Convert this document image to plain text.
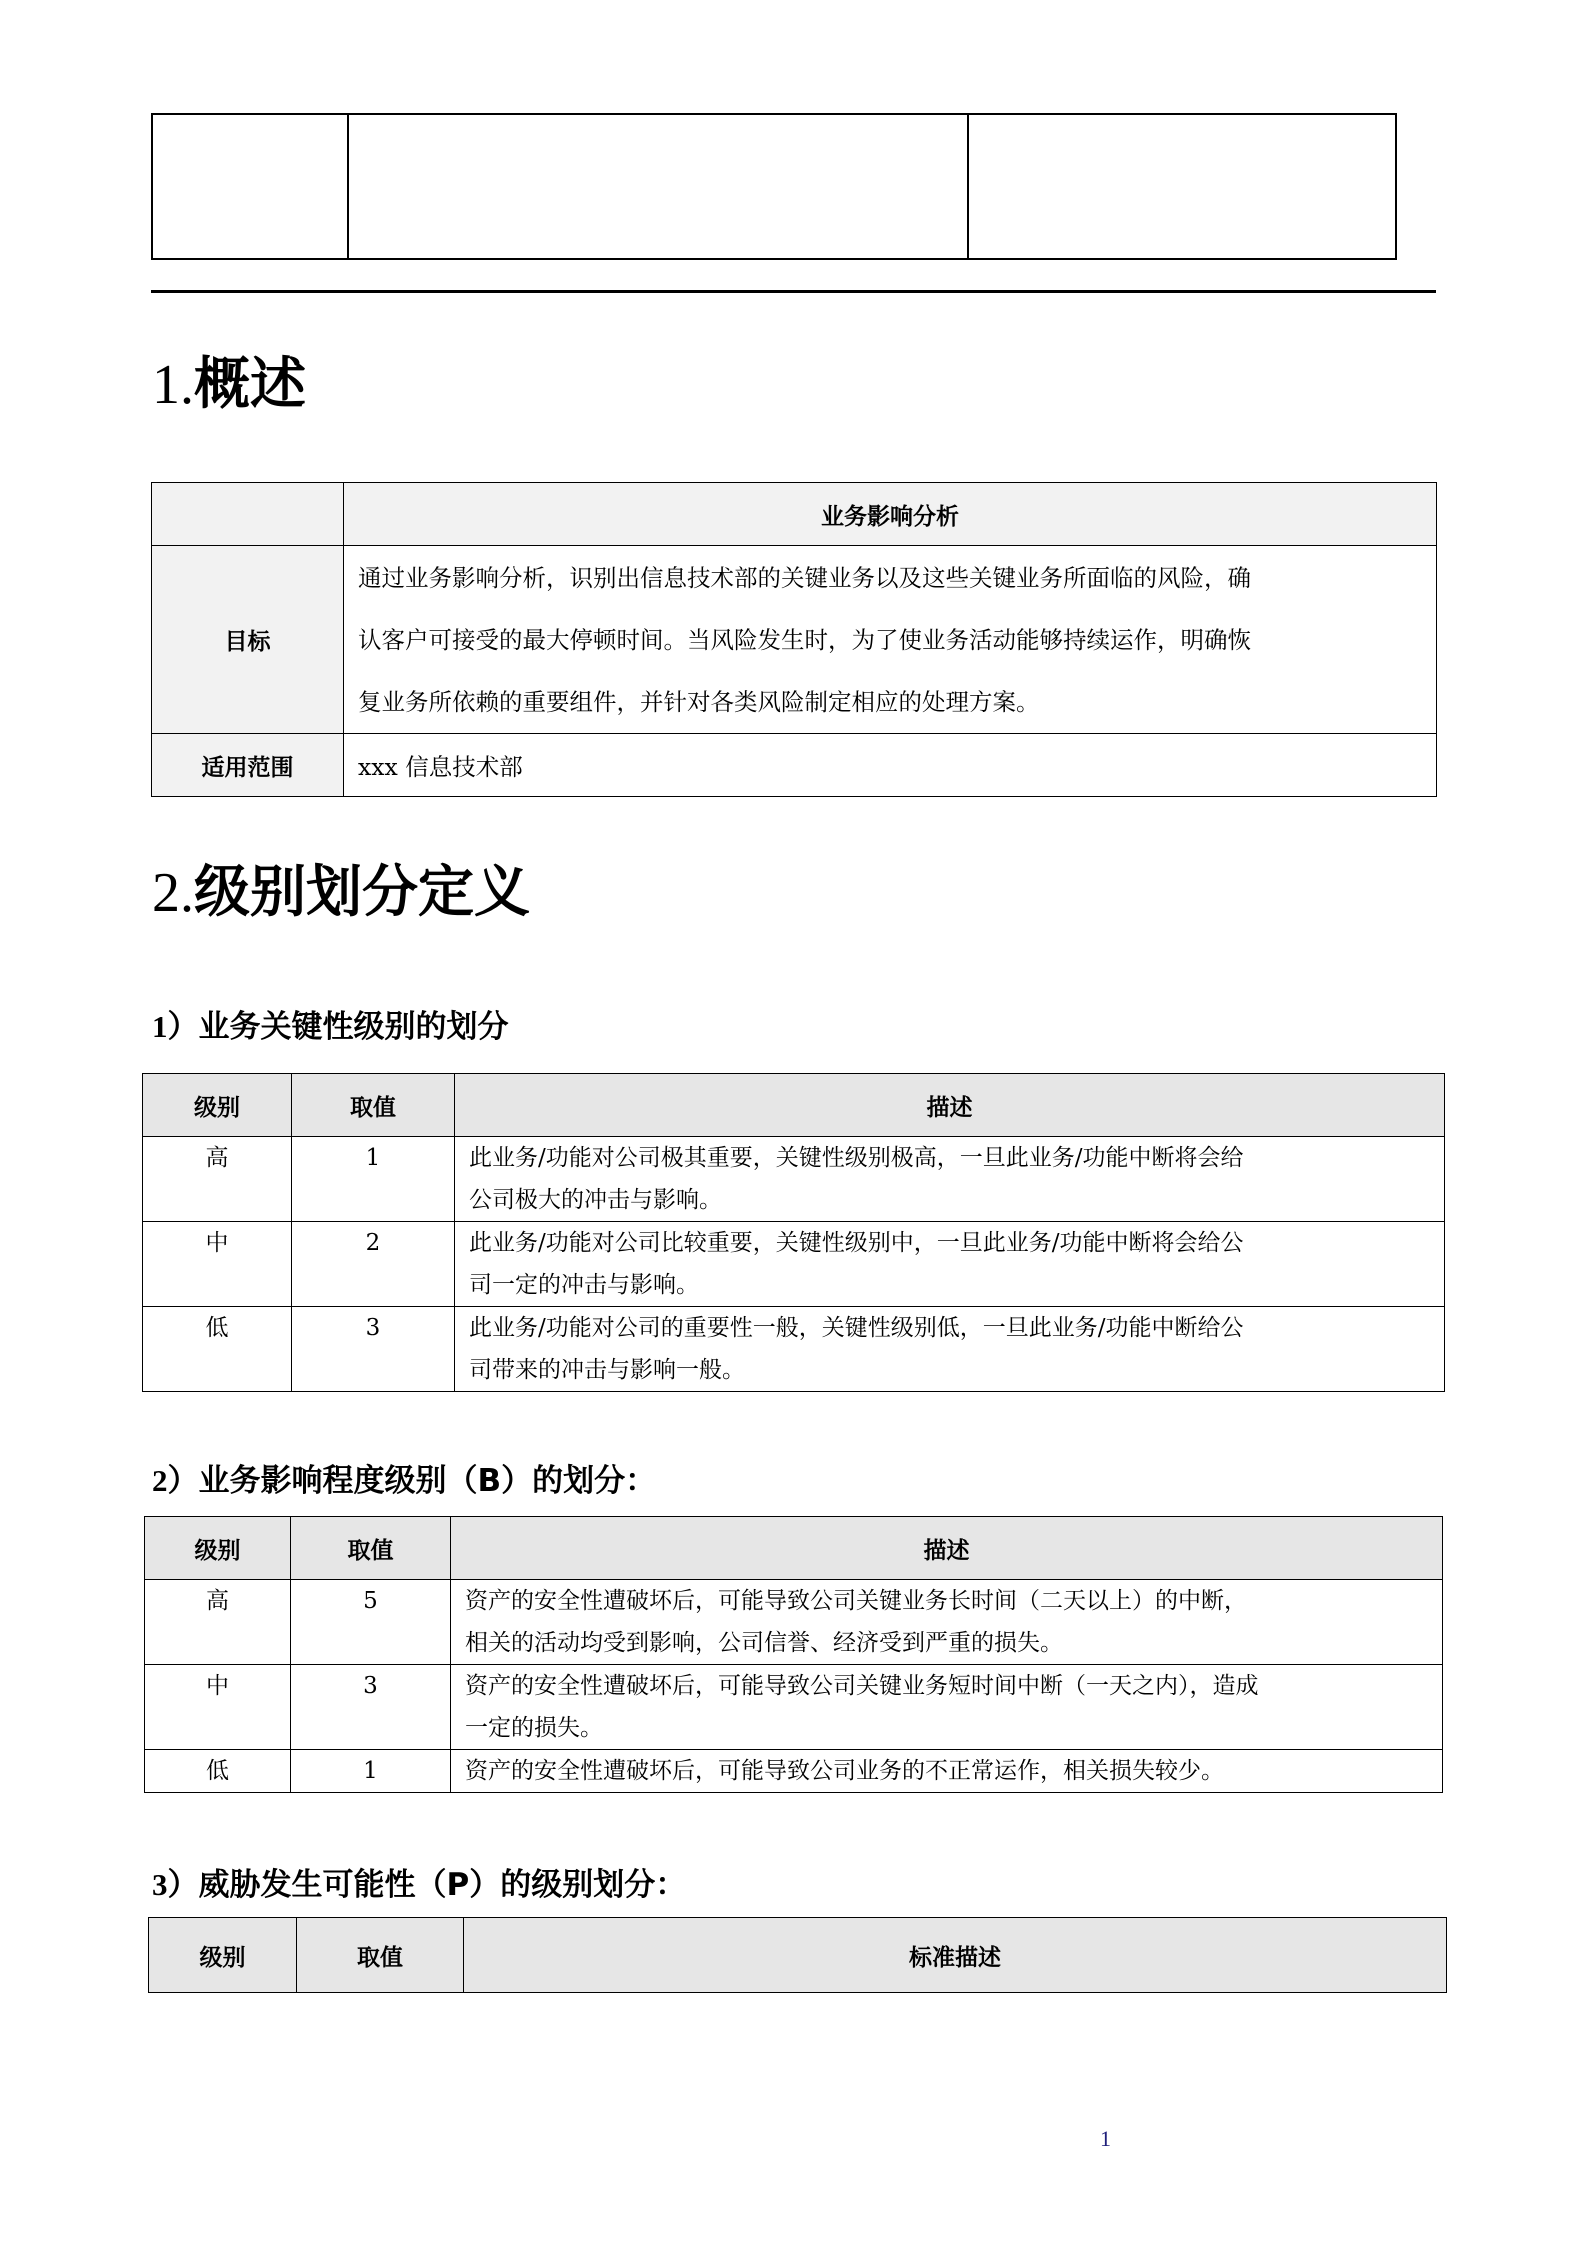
1.概述
	业务影响分析
目标	通过业务影响分析，识别出信息技术部的关键业务以及这些关键业务所面临的风险，确
认客户可接受的最大停顿时间。当风险发生时，为了使业务活动能够持续运作，明确恢
复业务所依赖的重要组件，并针对各类风险制定相应的处理方案。

适用范围	xxx 信息技术部
2.级别划分定义
1）业务关键性级别的划分
级别	取值	描述
高	1	此业务/功能对公司极其重要，关键性级别极高，一旦此业务/功能中断将会给
公司极大的冲击与影响。

中	2	此业务/功能对公司比较重要，关键性级别中，一旦此业务/功能中断将会给公
司一定的冲击与影响。

低	3	此业务/功能对公司的重要性一般，关键性级别低，一旦此业务/功能中断给公
司带来的冲击与影响一般。
2）业务影响程度级别（B）的划分：
级别	取值	描述
高	5	资产的安全性遭破坏后，可能导致公司关键业务长时间（二天以上）的中断，
相关的活动均受到影响，公司信誉、经济受到严重的损失。

中	3	资产的安全性遭破坏后，可能导致公司关键业务短时间中断（一天之内），造成
一定的损失。

低	1	资产的安全性遭破坏后，可能导致公司业务的不正常运作，相关损失较少。
3）威胁发生可能性（P）的级别划分：
级别	取值	标准描述
1
